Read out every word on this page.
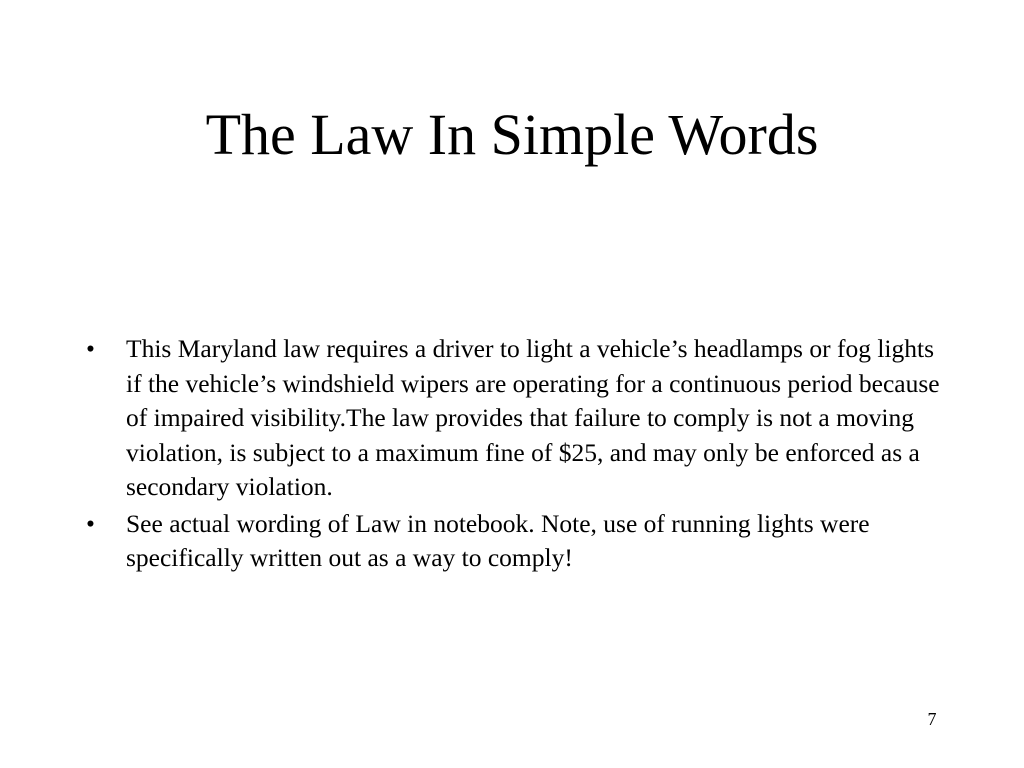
The Law In Simple Words
•	This Maryland law requires a driver to light a vehicle’s headlamps or fog lights if the vehicle’s windshield wipers are operating for a continuous period because of impaired visibility.The law provides that failure to comply is not a moving violation, is subject to a maximum fine of $25, and may only be enforced as a secondary violation.
•	See actual wording of Law in notebook. Note, use of running lights were specifically written out as a way to comply!
7
